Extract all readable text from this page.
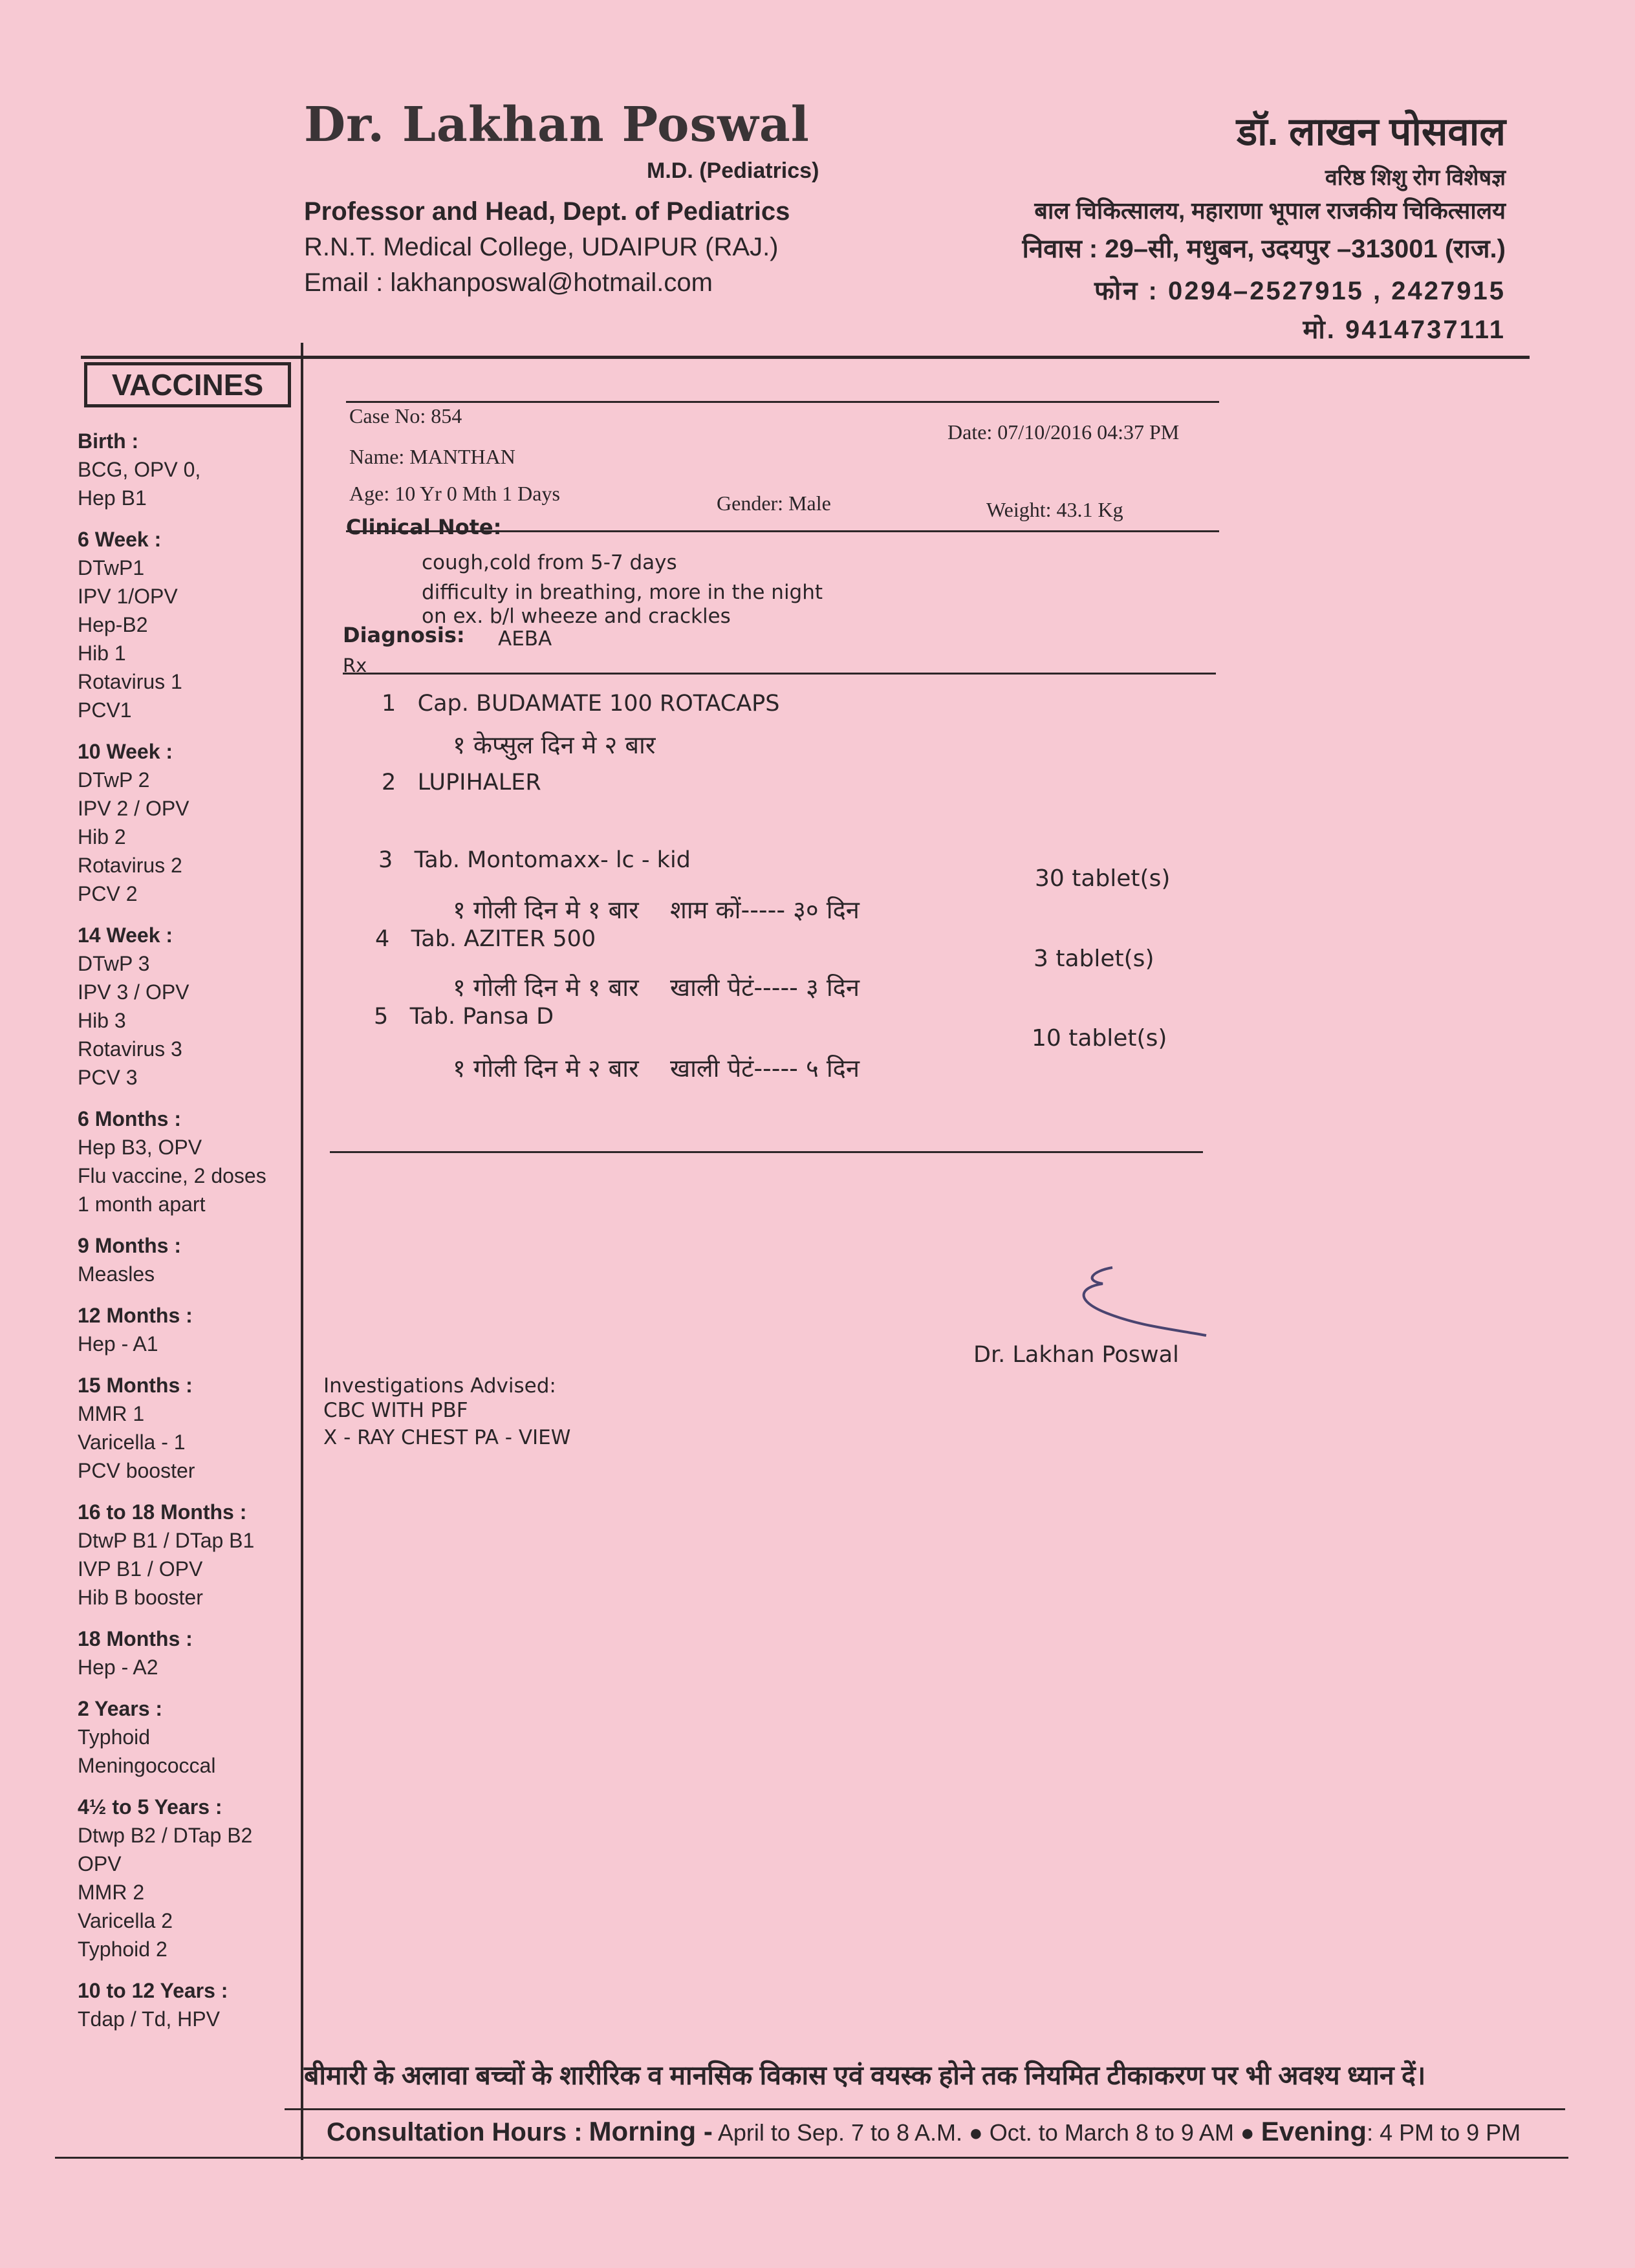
Dr. Lakhan Poswal
M.D. (Pediatrics)
Professor and Head, Dept. of Pediatrics
R.N.T. Medical College, UDAIPUR (RAJ.)
Email : lakhanposwal@hotmail.com
डॉ. लाखन पोसवाल
वरिष्ठ शिशु रोग विशेषज्ञ
बाल चिकित्सालय, महाराणा भूपाल राजकीय चिकित्सालय
निवास : 29–सी, मधुबन, उदयपुर –313001 (राज.)
फोन : 0294–2527915 , 2427915
मो. 9414737111
VACCINES
Birth :
BCG, OPV 0,
Hep B1
6 Week :
DTwP1
IPV 1/OPV
Hep-B2
Hib 1
Rotavirus 1
PCV1
10 Week :
DTwP 2
IPV 2 / OPV
Hib 2
Rotavirus 2
PCV 2
14 Week :
DTwP 3
IPV 3 / OPV
Hib 3
Rotavirus 3
PCV 3
6 Months :
Hep B3, OPV
Flu vaccine, 2 doses
1 month apart
9 Months :
Measles
12 Months :
Hep - A1
15 Months :
MMR 1
Varicella - 1
PCV booster
16 to 18 Months :
DtwP B1 / DTap B1
IVP B1 / OPV
Hib B booster
18 Months :
Hep - A2
2 Years :
Typhoid
Meningococcal
4½ to 5 Years :
Dtwp B2 / DTap B2
OPV
MMR 2
Varicella 2
Typhoid 2
10 to 12 Years :
Tdap / Td, HPV
Case No: 854
Date: 07/10/2016 04:37 PM
Name: MANTHAN
Age: 10 Yr 0 Mth 1 Days	Gender: Male	Weight: 43.1 Kg
Clinical Note:
cough,cold from 5-7 days
difficulty in breathing, more in the night
on ex. b/l wheeze and crackles
Diagnosis: AEBA
Rx
1 Cap. BUDAMATE 100 ROTACAPS
१ केप्सुल दिन मे २ बार
2 LUPIHALER
3 Tab. Montomaxx- lc - kid
30 tablet(s)
१ गोली दिन मे १ बार    शाम कों----- ३० दिन
4 Tab. AZITER 500
3 tablet(s)
१ गोली दिन मे १ बार    खाली पेटं----- ३ दिन
5 Tab. Pansa D
10 tablet(s)
१ गोली दिन मे २ बार    खाली पेटं----- ५ दिन
Dr. Lakhan Poswal
Investigations Advised:
CBC WITH PBF
X - RAY CHEST PA - VIEW
बीमारी के अलावा बच्चों के शारीरिक व मानसिक विकास एवं वयस्क होने तक नियमित टीकाकरण पर भी अवश्य ध्यान दें।
Consultation Hours : Morning - April to Sep. 7 to 8 A.M. ● Oct. to March 8 to 9 AM ● Evening: 4 PM to 9 PM
